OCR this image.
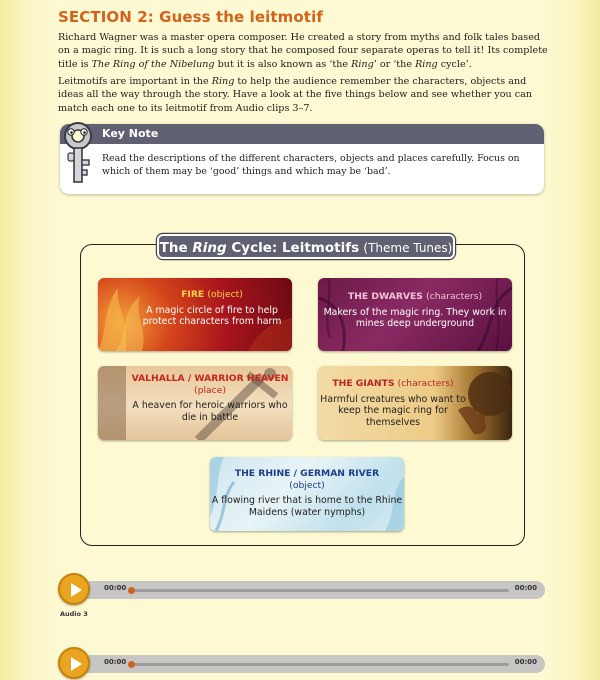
SECTION 2: Guess the leitmotif
Richard Wagner was a master opera composer. He created a story from myths and folk tales based on a magic ring. It is such a long story that he composed four separate operas to tell it! Its complete title is The Ring of the Nibelung but it is also known as ‘the Ring’ or ‘the Ring cycle’.
Leitmotifs are important in the Ring to help the audience remember the characters, objects and ideas all the way through the story. Have a look at the five things below and see whether you can match each one to its leitmotif from Audio clips 3–7.
Key Note
Read the descriptions of the different characters, objects and places carefully. Focus on which of them may be ‘good’ things and which may be ‘bad’.
The Ring Cycle: Leitmotifs (Theme Tunes)
FIRE (object)
A magic circle of fire to help protect characters from harm
THE DWARVES (characters)
Makers of the magic ring. They work in mines deep underground
VALHALLA / WARRIOR HEAVEN
(place)
A heaven for heroic warriors who die in battle
THE GIANTS (characters)
Harmful creatures who want to keep the magic ring for themselves
THE RHINE / GERMAN RIVER
(object)
A flowing river that is home to the Rhine Maidens (water nymphs)
00:00	00:00
Audio 3
00:00	00:00
